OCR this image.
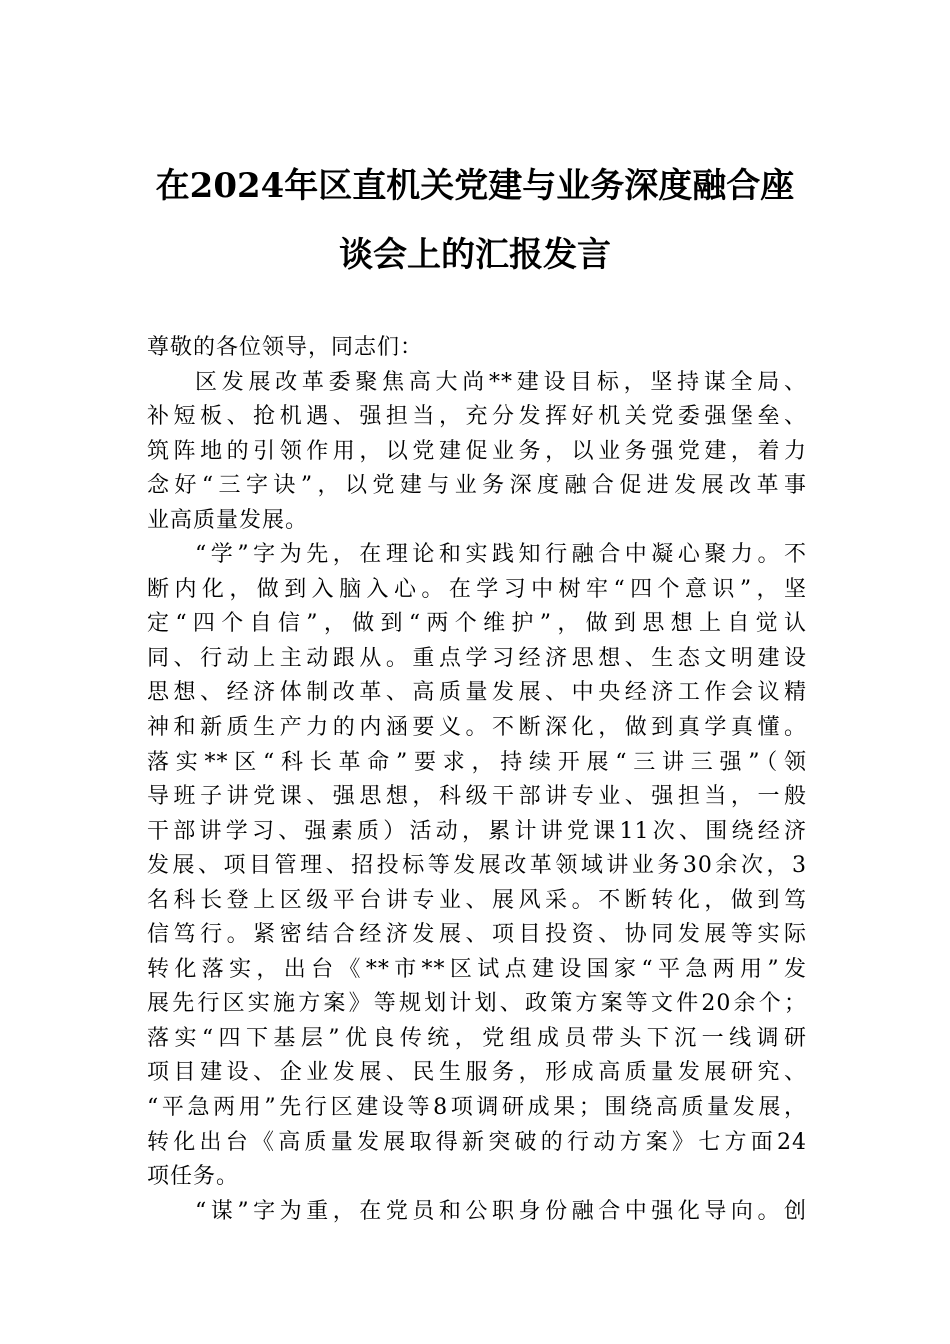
在2024年区直机关党建与业务深度融合座
谈会上的汇报发言
尊敬的各位领导，同志们：
区发展改革委聚焦高大尚**建设目标，坚持谋全局、
补短板、抢机遇、强担当，充分发挥好机关党委强堡垒、
筑阵地的引领作用，以党建促业务，以业务强党建，着力
念好“三字诀”，以党建与业务深度融合促进发展改革事
业高质量发展。
“学”字为先，在理论和实践知行融合中凝心聚力。不
断内化，做到入脑入心。在学习中树牢“四个意识”，坚
定“四个自信”，做到“两个维护”，做到思想上自觉认
同、行动上主动跟从。重点学习经济思想、生态文明建设
思想、经济体制改革、高质量发展、中央经济工作会议精
神和新质生产力的内涵要义。不断深化，做到真学真懂。
落实**区“科长革命”要求，持续开展“三讲三强”（领
导班子讲党课、强思想，科级干部讲专业、强担当，一般
干部讲学习、强素质）活动，累计讲党课11次、围绕经济
发展、项目管理、招投标等发展改革领域讲业务30余次，3
名科长登上区级平台讲专业、展风采。不断转化，做到笃
信笃行。紧密结合经济发展、项目投资、协同发展等实际
转化落实，出台《**市**区试点建设国家“平急两用”发
展先行区实施方案》等规划计划、政策方案等文件20余个；
落实“四下基层”优良传统，党组成员带头下沉一线调研
项目建设、企业发展、民生服务，形成高质量发展研究、
“平急两用”先行区建设等8项调研成果；围绕高质量发展，
转化出台《高质量发展取得新突破的行动方案》七方面24
项任务。
“谋”字为重，在党员和公职身份融合中强化导向。创
